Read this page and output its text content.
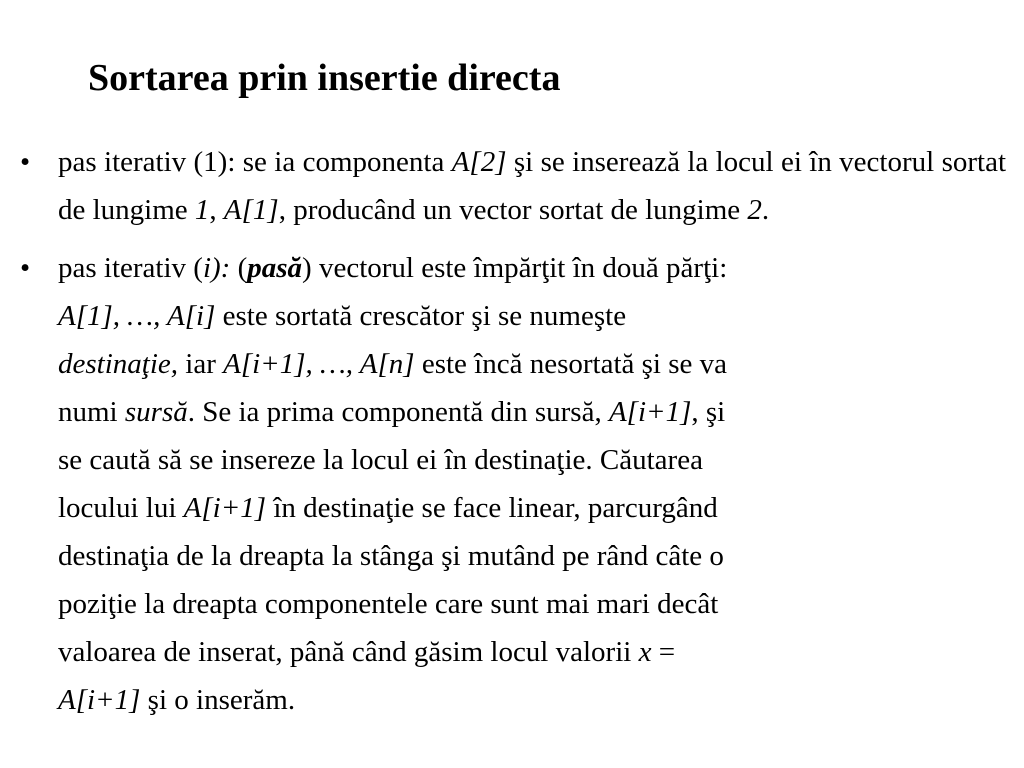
Sortarea prin insertie directa
• pas iterativ (1): se ia componenta A[2] şi se inserează la locul ei în vectorul sortat de lungime 1, A[1], producând un vector sortat de lungime 2.
• pas iterativ (i): (pasă) vectorul este împărţit în două părţi:
A[1], …, A[i] este sortată crescător şi se numeşte
destinaţie, iar A[i+1], …, A[n] este încă nesortată şi se va
numi sursă. Se ia prima componentă din sursă, A[i+1], şi
se caută să se insereze la locul ei în destinaţie. Căutarea
locului lui A[i+1] în destinaţie se face linear, parcurgând
destinaţia de la dreapta la stânga şi mutând pe rând câte o
poziţie la dreapta componentele care sunt mai mari decât
valoarea de inserat, până când găsim locul valorii x =
A[i+1] şi o inserăm.
